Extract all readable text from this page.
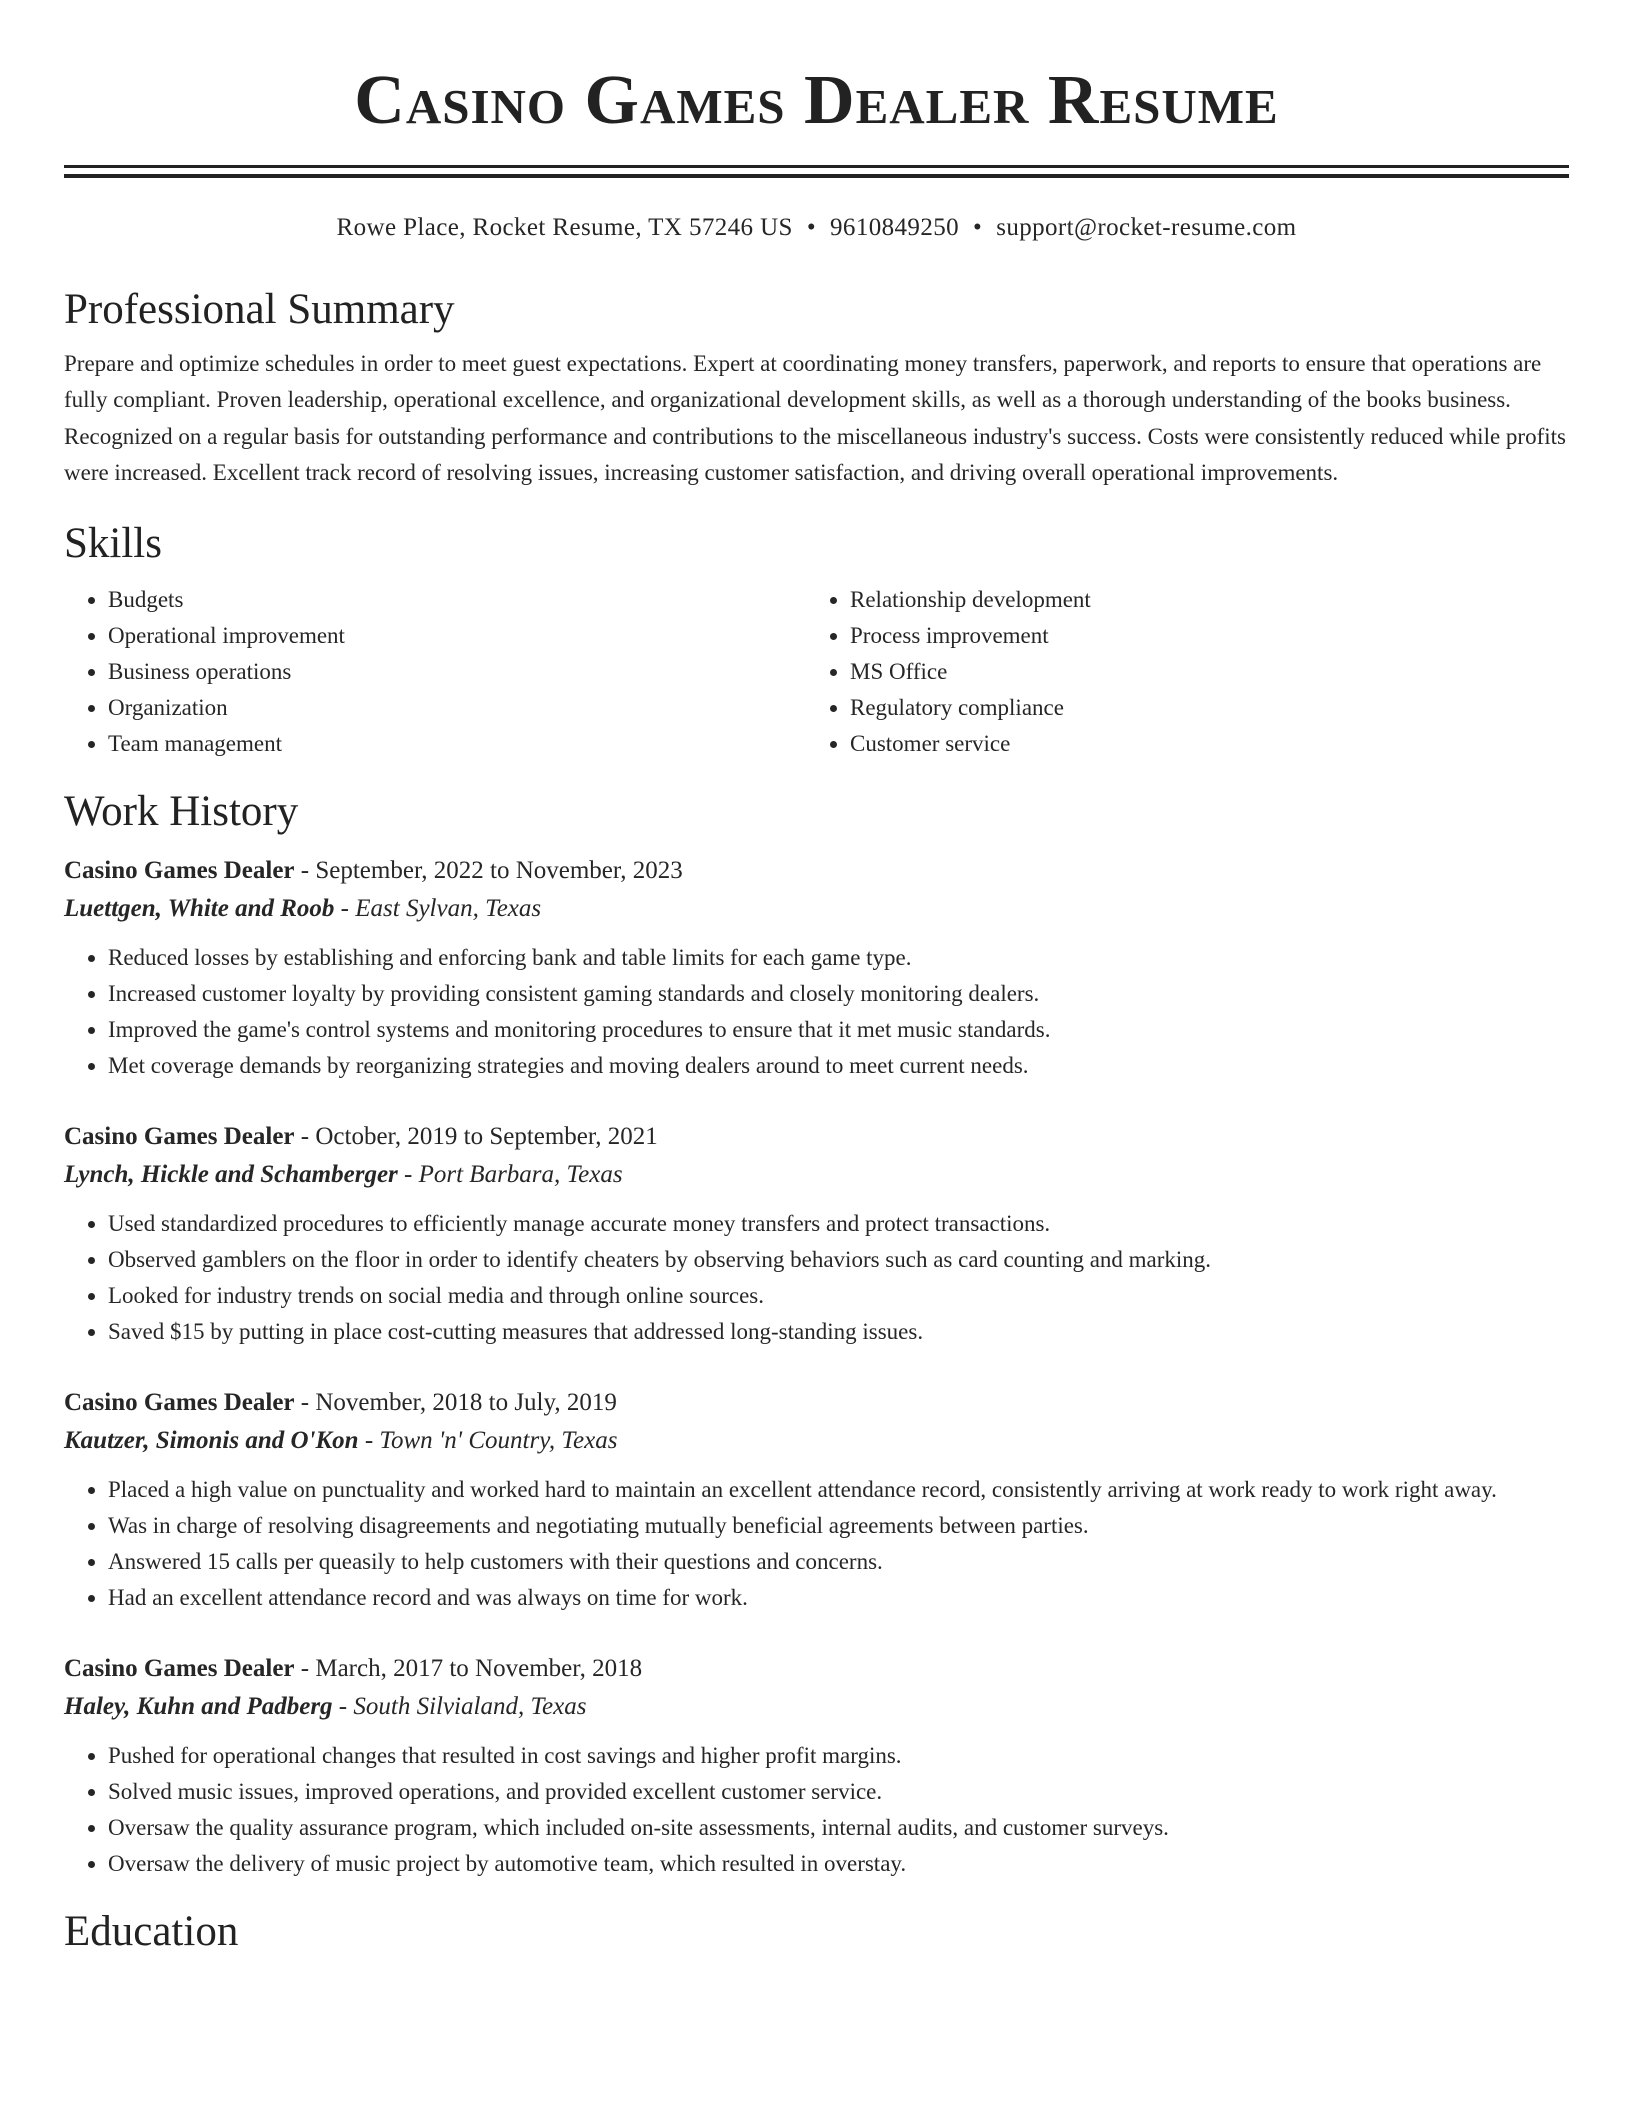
Casino Games Dealer Resume
Rowe Place, Rocket Resume, TX 57246 US • 9610849250 • support@rocket-resume.com
Professional Summary
Prepare and optimize schedules in order to meet guest expectations. Expert at coordinating money transfers, paperwork, and reports to ensure that operations are fully compliant. Proven leadership, operational excellence, and organizational development skills, as well as a thorough understanding of the books business. Recognized on a regular basis for outstanding performance and contributions to the miscellaneous industry's success. Costs were consistently reduced while profits were increased. Excellent track record of resolving issues, increasing customer satisfaction, and driving overall operational improvements.
Skills
• Budgets
• Operational improvement
• Business operations
• Organization
• Team management
• Relationship development
• Process improvement
• MS Office
• Regulatory compliance
• Customer service
Work History
Casino Games Dealer - September, 2022 to November, 2023
Luettgen, White and Roob - East Sylvan, Texas
• Reduced losses by establishing and enforcing bank and table limits for each game type.
• Increased customer loyalty by providing consistent gaming standards and closely monitoring dealers.
• Improved the game's control systems and monitoring procedures to ensure that it met music standards.
• Met coverage demands by reorganizing strategies and moving dealers around to meet current needs.
Casino Games Dealer - October, 2019 to September, 2021
Lynch, Hickle and Schamberger - Port Barbara, Texas
• Used standardized procedures to efficiently manage accurate money transfers and protect transactions.
• Observed gamblers on the floor in order to identify cheaters by observing behaviors such as card counting and marking.
• Looked for industry trends on social media and through online sources.
• Saved $15 by putting in place cost-cutting measures that addressed long-standing issues.
Casino Games Dealer - November, 2018 to July, 2019
Kautzer, Simonis and O'Kon - Town 'n' Country, Texas
• Placed a high value on punctuality and worked hard to maintain an excellent attendance record, consistently arriving at work ready to work right away.
• Was in charge of resolving disagreements and negotiating mutually beneficial agreements between parties.
• Answered 15 calls per queasily to help customers with their questions and concerns.
• Had an excellent attendance record and was always on time for work.
Casino Games Dealer - March, 2017 to November, 2018
Haley, Kuhn and Padberg - South Silvialand, Texas
• Pushed for operational changes that resulted in cost savings and higher profit margins.
• Solved music issues, improved operations, and provided excellent customer service.
• Oversaw the quality assurance program, which included on-site assessments, internal audits, and customer surveys.
• Oversaw the delivery of music project by automotive team, which resulted in overstay.
Education
